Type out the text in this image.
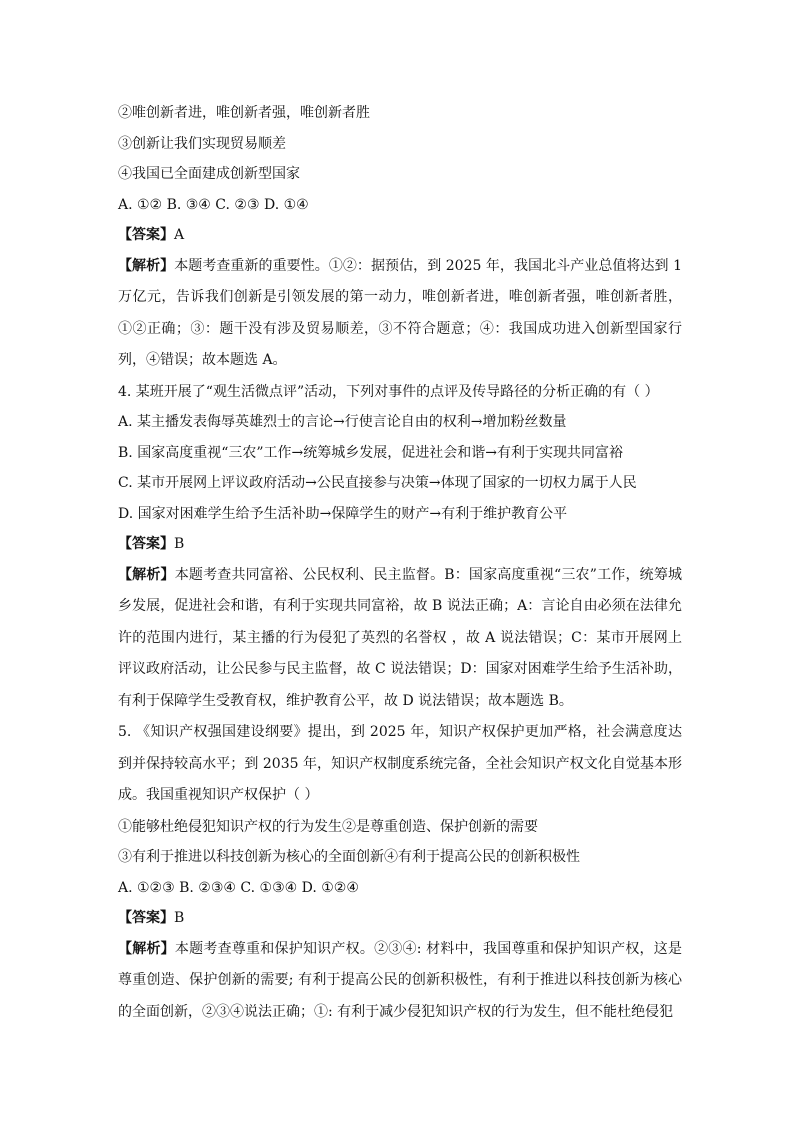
②唯创新者进，唯创新者强，唯创新者胜

③创新让我们实现贸易顺差

④我国已全面建成创新型国家

A. ①② B. ③④ C. ②③ D. ①④

【答案】A

【解析】本题考查重新的重要性。①②：据预估，到 2025 年，我国北斗产业总值将达到 1 万亿元，告诉我们创新是引领发展的第一动力，唯创新者进，唯创新者强，唯创新者胜，①②正确；③：题干没有涉及贸易顺差，③不符合题意；④：我国成功进入创新型国家行列，④错误；故本题选 A。

4. 某班开展了“观生活微点评”活动，下列对事件的点评及传导路径的分析正确的有（ ）

A. 某主播发表侮辱英雄烈士的言论→行使言论自由的权利→增加粉丝数量

B. 国家高度重视“三农”工作→统筹城乡发展，促进社会和谐→有利于实现共同富裕

C. 某市开展网上评议政府活动→公民直接参与决策→体现了国家的一切权力属于人民

D. 国家对困难学生给予生活补助→保障学生的财产→有利于维护教育公平

【答案】B

【解析】本题考查共同富裕、公民权利、民主监督。B：国家高度重视“三农”工作，统筹城乡发展，促进社会和谐，有利于实现共同富裕，故 B 说法正确；A：言论自由必须在法律允许的范围内进行，某主播的行为侵犯了英烈的名誉权 ，故 A 说法错误；C：某市开展网上评议政府活动，让公民参与民主监督，故 C 说法错误；D：国家对困难学生给予生活补助，有利于保障学生受教育权，维护教育公平，故 D 说法错误；故本题选 B。

5. 《知识产权强国建设纲要》提出，到 2025 年，知识产权保护更加严格，社会满意度达到并保持较高水平；到 2035 年，知识产权制度系统完备，全社会知识产权文化自觉基本形成。我国重视知识产权保护（ ）

①能够杜绝侵犯知识产权的行为发生②是尊重创造、保护创新的需要

③有利于推进以科技创新为核心的全面创新④有利于提高公民的创新积极性

A. ①②③ B. ②③④ C. ①③④ D. ①②④

【答案】B

【解析】本题考查尊重和保护知识产权。②③④: 材料中，我国尊重和保护知识产权，这是尊重创造、保护创新的需要; 有利于提高公民的创新积极性，有利于推进以科技创新为核心的全面创新，②③④说法正确；①: 有利于减少侵犯知识产权的行为发生，但不能杜绝侵犯
